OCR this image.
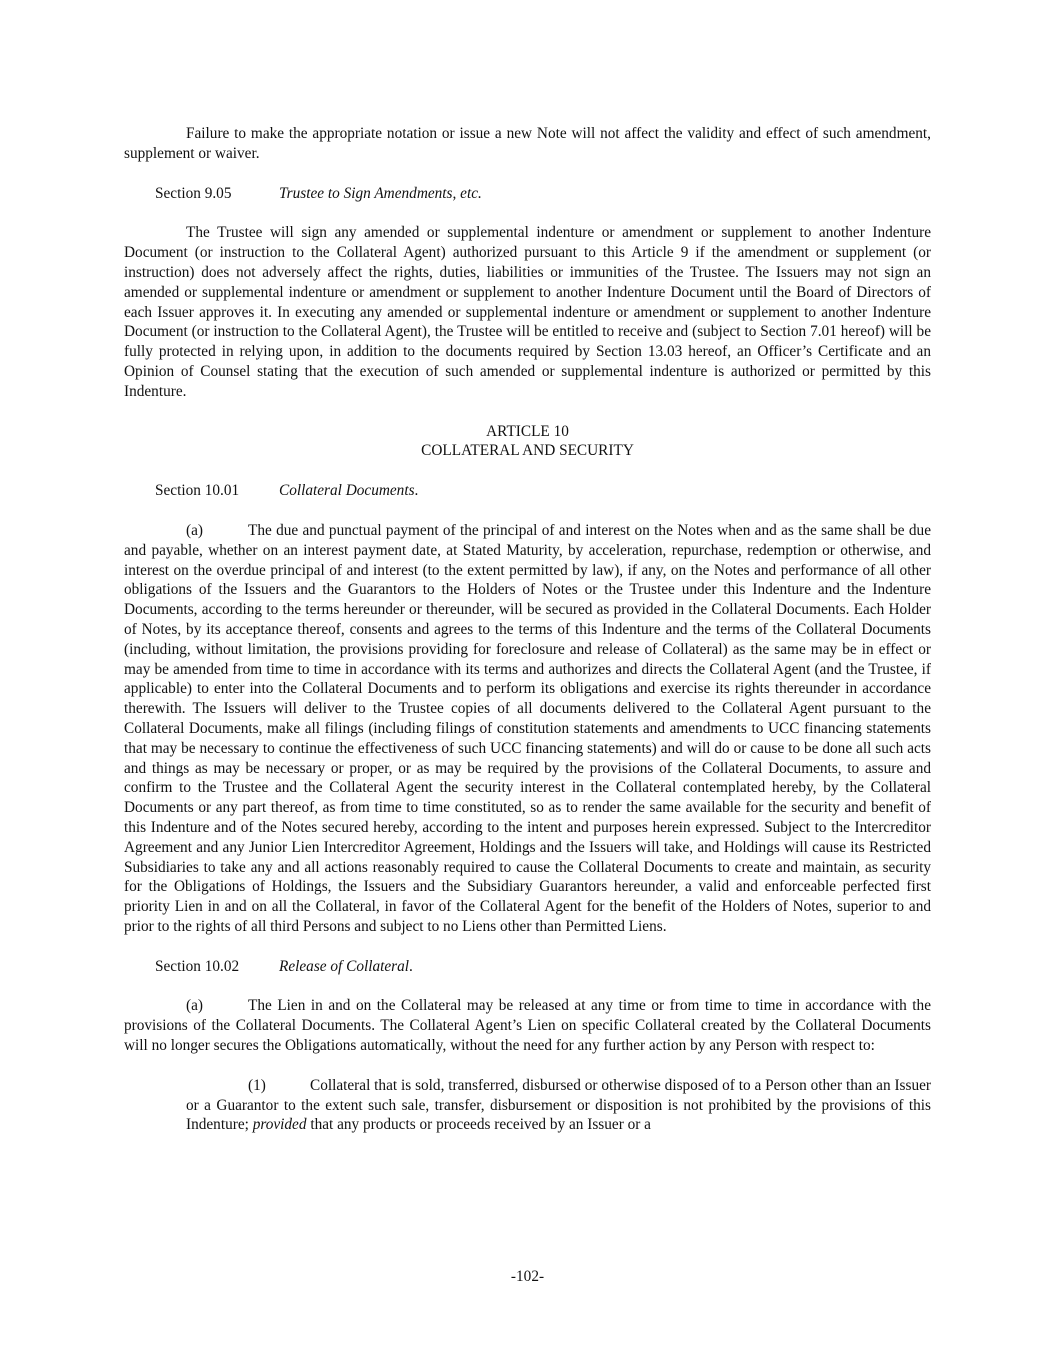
Failure to make the appropriate notation or issue a new Note will not affect the validity and effect of such amendment, supplement or waiver.

Section 9.05	Trustee to Sign Amendments, etc.

The Trustee will sign any amended or supplemental indenture or amendment or supplement to another Indenture Document (or instruction to the Collateral Agent) authorized pursuant to this Article 9 if the amendment or supplement (or instruction) does not adversely affect the rights, duties, liabilities or immunities of the Trustee. The Issuers may not sign an amended or supplemental indenture or amendment or supplement to another Indenture Document until the Board of Directors of each Issuer approves it. In executing any amended or supplemental indenture or amendment or supplement to another Indenture Document (or instruction to the Collateral Agent), the Trustee will be entitled to receive and (subject to Section 7.01 hereof) will be fully protected in relying upon, in addition to the documents required by Section 13.03 hereof, an Officer’s Certificate and an Opinion of Counsel stating that the execution of such amended or supplemental indenture is authorized or permitted by this Indenture.

ARTICLE 10
COLLATERAL AND SECURITY
Section 10.01	Collateral Documents.

(a)	The due and punctual payment of the principal of and interest on the Notes when and as the same shall be due and payable, whether on an interest payment date, at Stated Maturity, by acceleration, repurchase, redemption or otherwise, and interest on the overdue principal of and interest (to the extent permitted by law), if any, on the Notes and performance of all other obligations of the Issuers and the Guarantors to the Holders of Notes or the Trustee under this Indenture and the Indenture Documents, according to the terms hereunder or thereunder, will be secured as provided in the Collateral Documents. Each Holder of Notes, by its acceptance thereof, consents and agrees to the terms of this Indenture and the terms of the Collateral Documents (including, without limitation, the provisions providing for foreclosure and release of Collateral) as the same may be in effect or may be amended from time to time in accordance with its terms and authorizes and directs the Collateral Agent (and the Trustee, if applicable) to enter into the Collateral Documents and to perform its obligations and exercise its rights thereunder in accordance therewith. The Issuers will deliver to the Trustee copies of all documents delivered to the Collateral Agent pursuant to the Collateral Documents, make all filings (including filings of constitution statements and amendments to UCC financing statements that may be necessary to continue the effectiveness of such UCC financing statements) and will do or cause to be done all such acts and things as may be necessary or proper, or as may be required by the provisions of the Collateral Documents, to assure and confirm to the Trustee and the Collateral Agent the security interest in the Collateral contemplated hereby, by the Collateral Documents or any part thereof, as from time to time constituted, so as to render the same available for the security and benefit of this Indenture and of the Notes secured hereby, according to the intent and purposes herein expressed. Subject to the Intercreditor Agreement and any Junior Lien Intercreditor Agreement, Holdings and the Issuers will take, and Holdings will cause its Restricted Subsidiaries to take any and all actions reasonably required to cause the Collateral Documents to create and maintain, as security for the Obligations of Holdings, the Issuers and the Subsidiary Guarantors hereunder, a valid and enforceable perfected first priority Lien in and on all the Collateral, in favor of the Collateral Agent for the benefit of the Holders of Notes, superior to and prior to the rights of all third Persons and subject to no Liens other than Permitted Liens.

Section 10.02	Release of Collateral.

(a)	The Lien in and on the Collateral may be released at any time or from time to time in accordance with the provisions of the Collateral Documents. The Collateral Agent’s Lien on specific Collateral created by the Collateral Documents will no longer secures the Obligations automatically, without the need for any further action by any Person with respect to:

(1)	Collateral that is sold, transferred, disbursed or otherwise disposed of to a Person other than an Issuer or a Guarantor to the extent such sale, transfer, disbursement or disposition is not prohibited by the provisions of this Indenture; provided that any products or proceeds received by an Issuer or a

-102-
